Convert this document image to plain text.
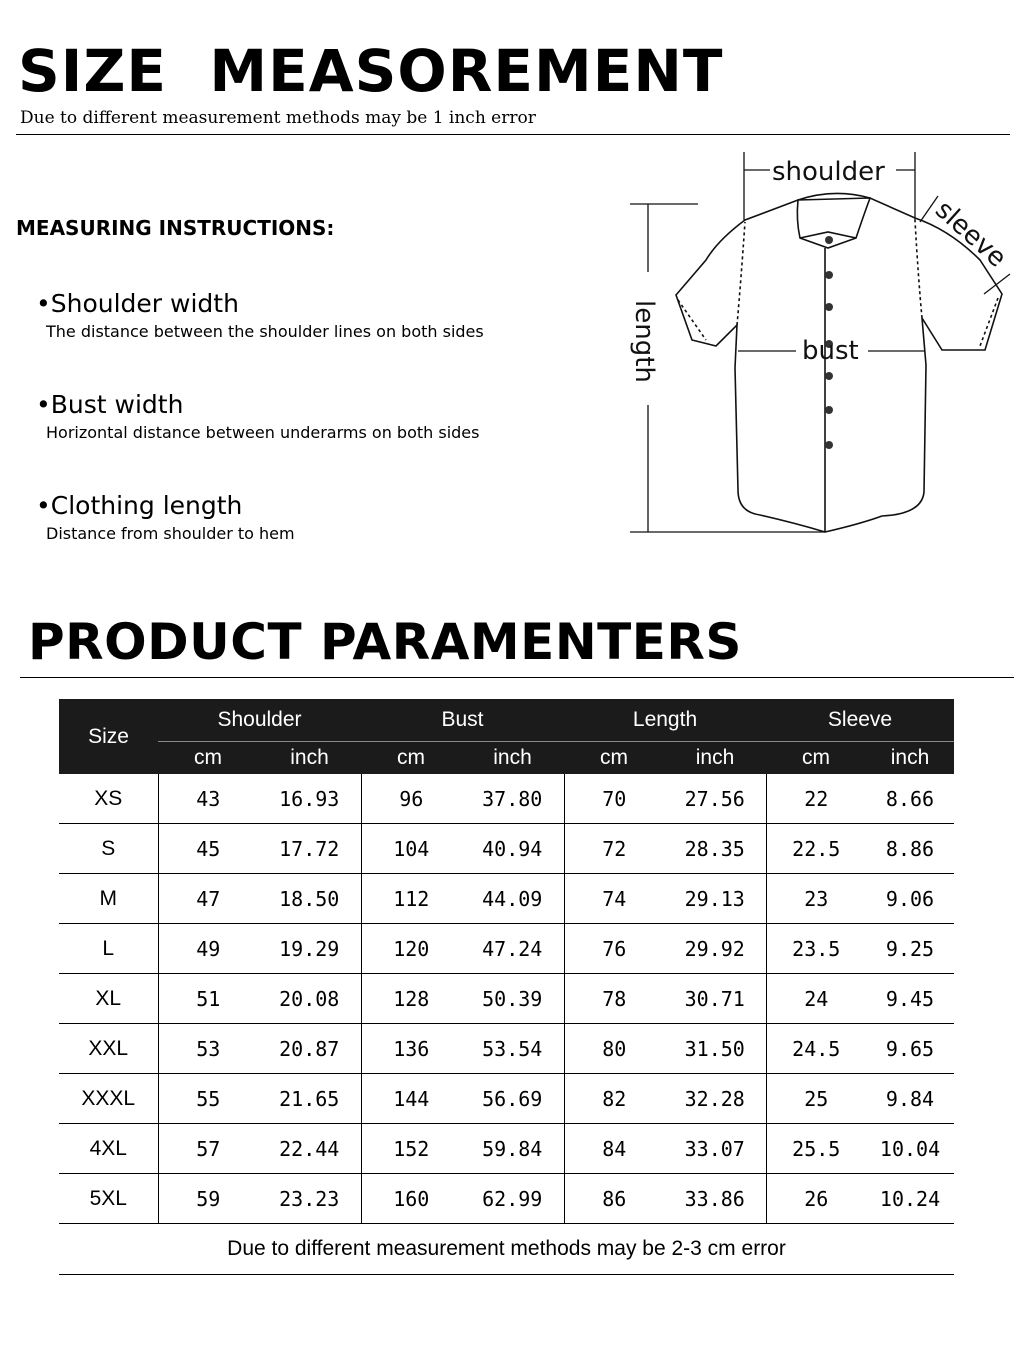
SIZE  MEASOREMENT
Due to different measurement methods may be 1 inch error
MEASURING INSTRUCTIONS:
•Shoulder width
The distance between the shoulder lines on both sides
•Bust width
Horizontal distance between underarms on both sides
•Clothing length
Distance from shoulder to hem
shoulder
sleeve
length	bust
PRODUCT PARAMENTERS
Size	Shoulder		Bust		Length		Sleeve	
	cm	inch	cm	inch	cm	inch	cm	inch
XS	43	16.93	96	37.80	70	27.56	22	8.66
S	45	17.72	104	40.94	72	28.35	22.5	8.86
M	47	18.50	112	44.09	74	29.13	23	9.06
L	49	19.29	120	47.24	76	29.92	23.5	9.25
XL	51	20.08	128	50.39	78	30.71	24	9.45
XXL	53	20.87	136	53.54	80	31.50	24.5	9.65
XXXL	55	21.65	144	56.69	82	32.28	25	9.84
4XL	57	22.44	152	59.84	84	33.07	25.5	10.04
5XL	59	23.23	160	62.99	86	33.86	26	10.24
Due to different measurement methods may be 2-3 cm error								
